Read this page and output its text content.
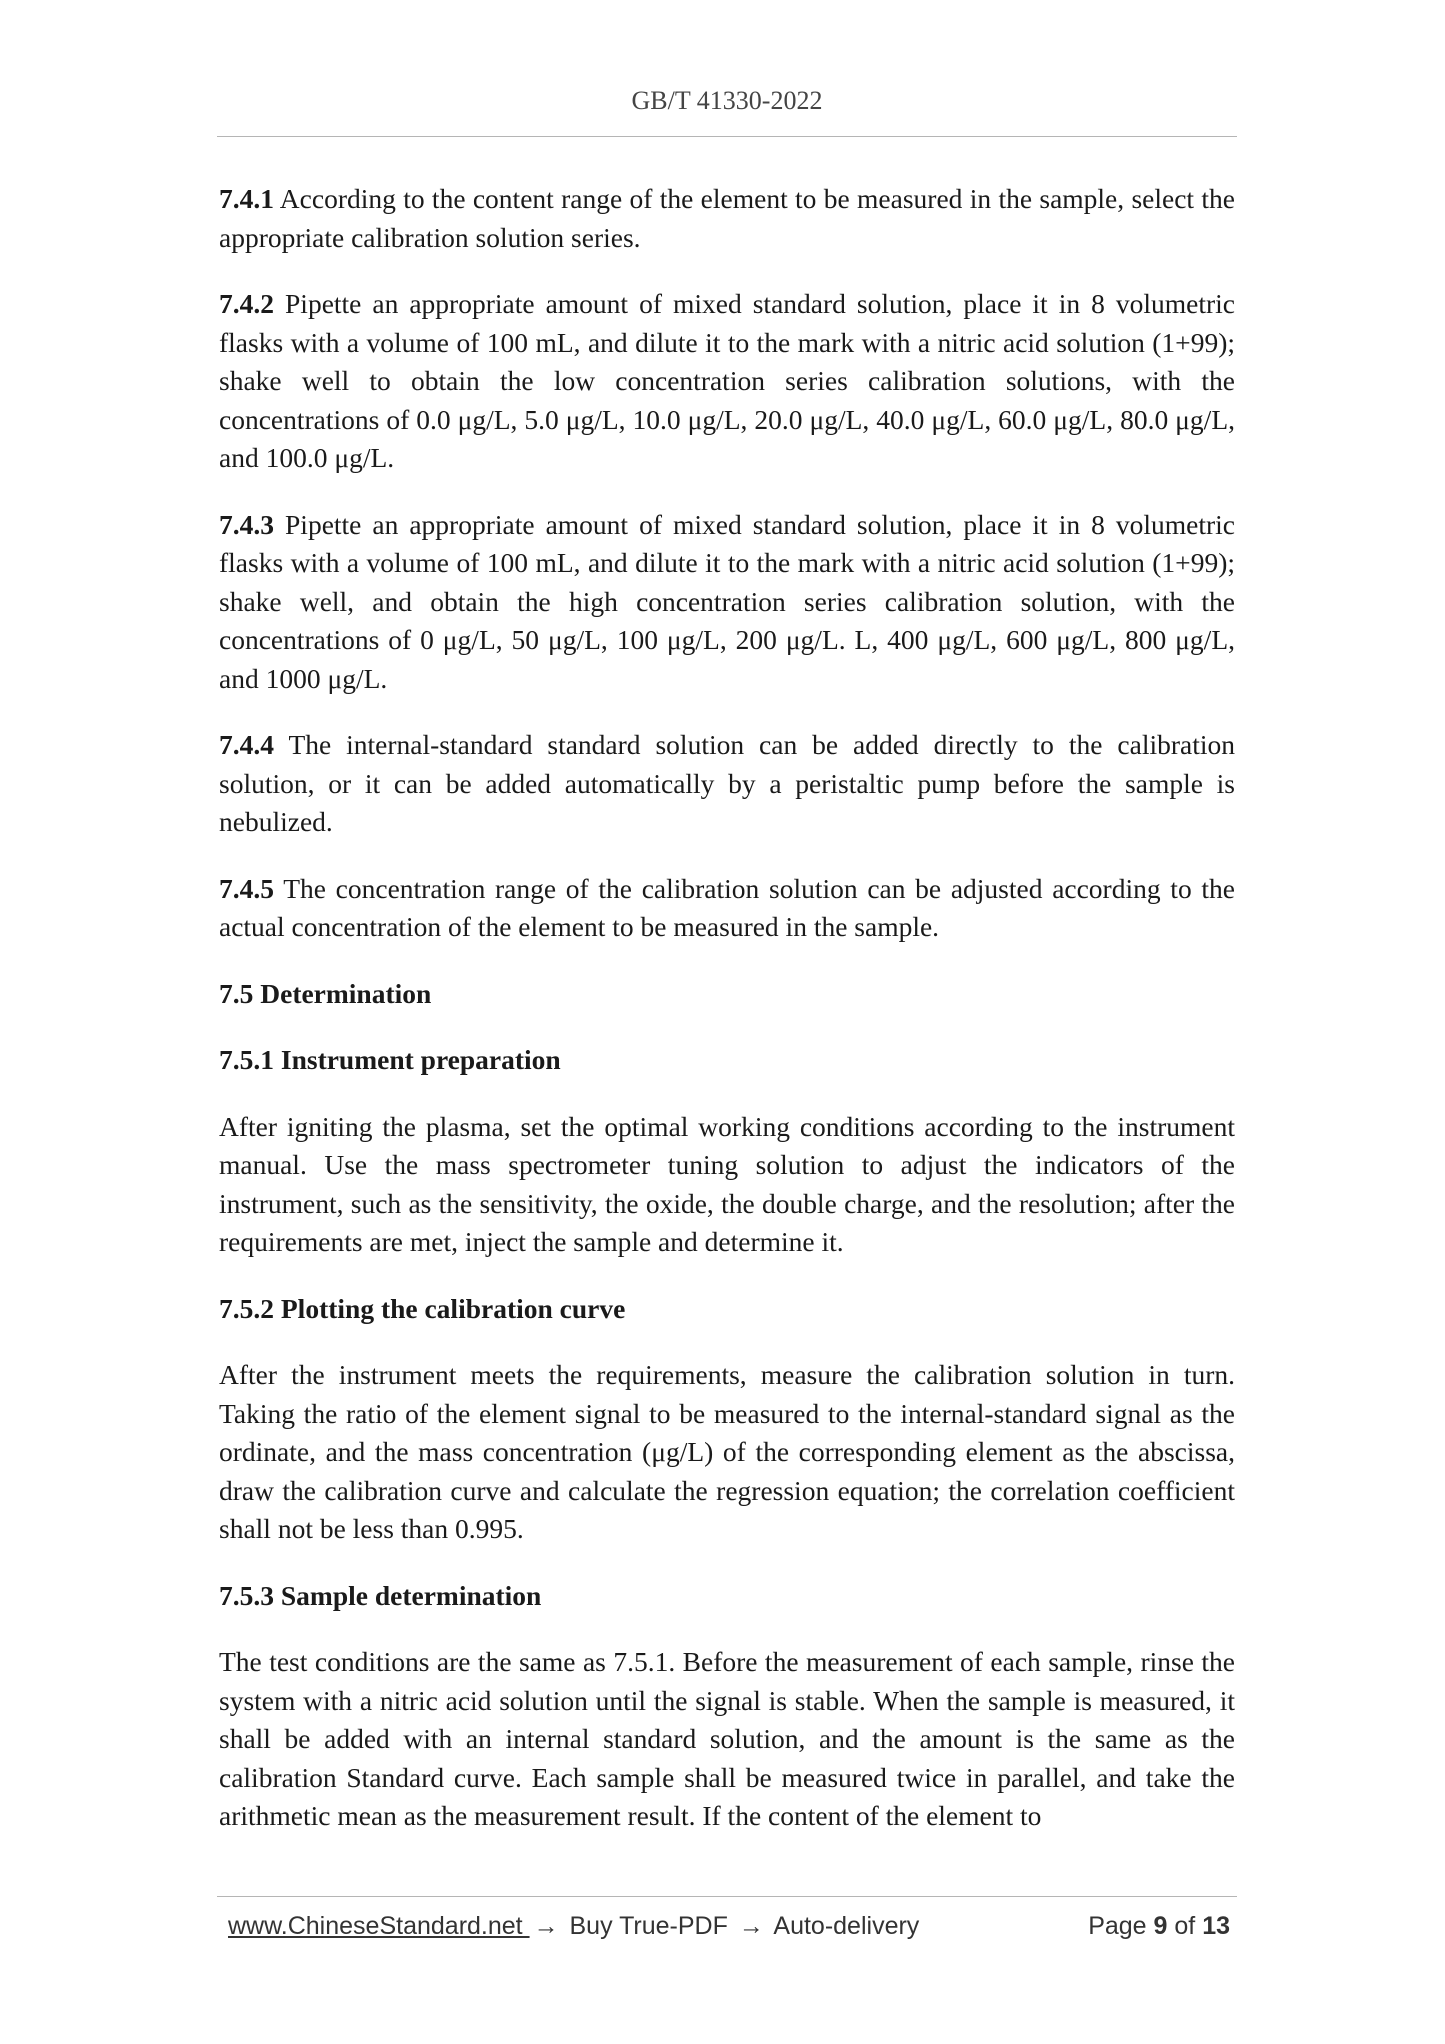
GB/T 41330-2022

7.4.1 According to the content range of the element to be measured in the sample, select the appropriate calibration solution series.

7.4.2 Pipette an appropriate amount of mixed standard solution, place it in 8 volumetric flasks with a volume of 100 mL, and dilute it to the mark with a nitric acid solution (1+99); shake well to obtain the low concentration series calibration solutions, with the concentrations of 0.0 μg/L, 5.0 μg/L, 10.0 μg/L, 20.0 μg/L, 40.0 μg/L, 60.0 μg/L, 80.0 μg/L, and 100.0 μg/L.

7.4.3 Pipette an appropriate amount of mixed standard solution, place it in 8 volumetric flasks with a volume of 100 mL, and dilute it to the mark with a nitric acid solution (1+99); shake well, and obtain the high concentration series calibration solution, with the concentrations of 0 μg/L, 50 μg/L, 100 μg/L, 200 μg/L. L, 400 μg/L, 600 μg/L, 800 μg/L, and 1000 μg/L.

7.4.4 The internal-standard standard solution can be added directly to the calibration solution, or it can be added automatically by a peristaltic pump before the sample is nebulized.

7.4.5 The concentration range of the calibration solution can be adjusted according to the actual concentration of the element to be measured in the sample.

7.5 Determination

7.5.1 Instrument preparation

After igniting the plasma, set the optimal working conditions according to the instrument manual. Use the mass spectrometer tuning solution to adjust the indicators of the instrument, such as the sensitivity, the oxide, the double charge, and the resolution; after the requirements are met, inject the sample and determine it.

7.5.2 Plotting the calibration curve

After the instrument meets the requirements, measure the calibration solution in turn. Taking the ratio of the element signal to be measured to the internal-standard signal as the ordinate, and the mass concentration (μg/L) of the corresponding element as the abscissa, draw the calibration curve and calculate the regression equation; the correlation coefficient shall not be less than 0.995.

7.5.3 Sample determination

The test conditions are the same as 7.5.1. Before the measurement of each sample, rinse the system with a nitric acid solution until the signal is stable. When the sample is measured, it shall be added with an internal standard solution, and the amount is the same as the calibration Standard curve. Each sample shall be measured twice in parallel, and take the arithmetic mean as the measurement result. If the content of the element to

www.ChineseStandard.net → Buy True-PDF → Auto-delivery	Page 9 of 13
